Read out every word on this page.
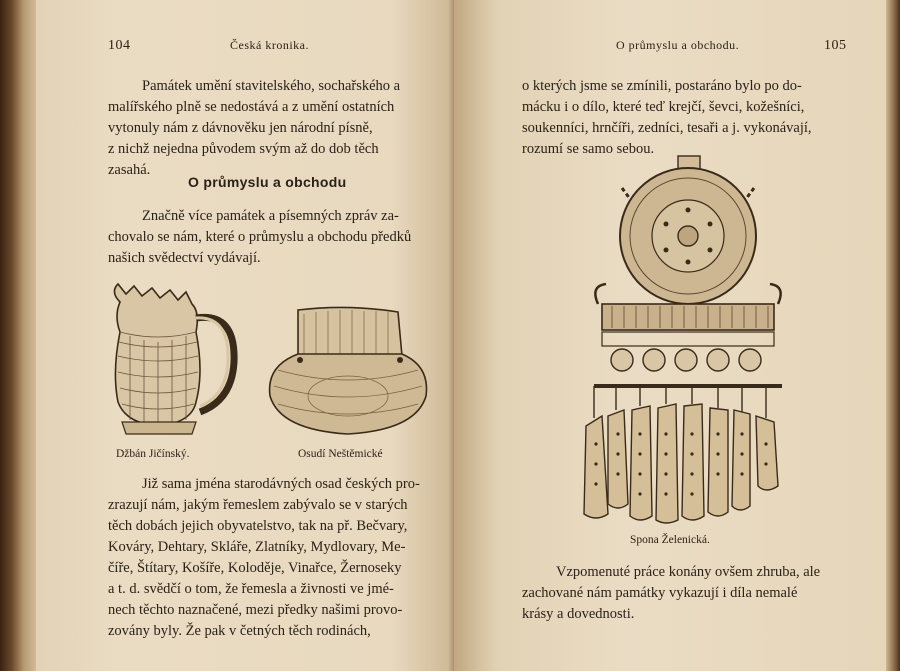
104	Česká kronika.
Památek umění stavitelského, sochařského a
malířského plně se nedostává a z umění ostatních
vytonuly nám z dávnověku jen národní písně,
z nichž nejedna původem svým až do dob těch
zasahá.
O průmyslu a obchodu
Značně více památek a písemných zpráv za-
chovalo se nám, které o průmyslu a obchodu předků
našich svědectví vydávají.
Džbán Jičínský.	Osudí Neštěmické
Již sama jména starodávných osad českých pro-
zrazují nám, jakým řemeslem zabývalo se v starých
těch dobách jejich obyvatelstvo, tak na př. Bečvary,
Kováry, Dehtary, Skláře, Zlatníky, Mydlovary, Me-
číře, Štítary, Košíře, Koloděje, Vinařce, Žernoseky
a t. d. svědčí o tom, že řemesla a živnosti ve jmé-
nech těchto naznačené, mezi předky našimi provo-
zovány byly. Že pak v četných těch rodinách,
O průmyslu a obchodu.	105
o kterých jsme se zmínili, postaráno bylo po do-
mácku i o dílo, které teď krejčí, ševci, kožešníci,
soukenníci, hrnčíři, zedníci, tesaři a j. vykonávají,
rozumí se samo sebou.
Spona Želenická.
Vzpomenuté práce konány ovšem zhruba, ale
zachované nám památky vykazují i díla nemalé
krásy a dovednosti.
